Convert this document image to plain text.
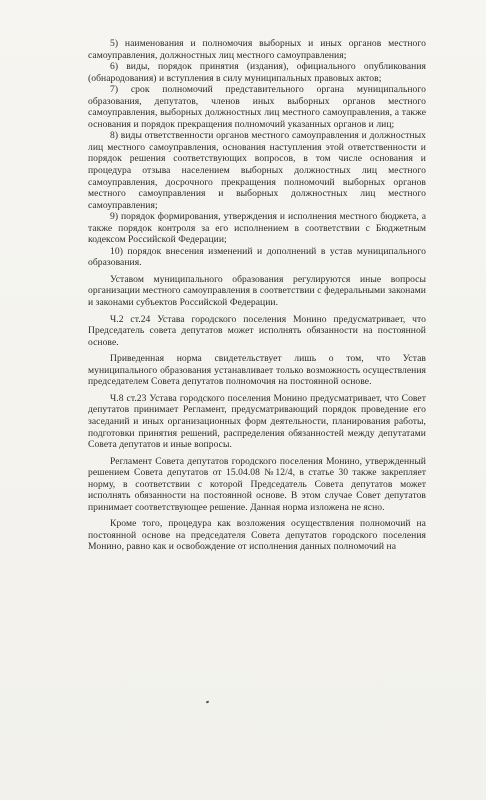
5) наименования и полномочия выборных и иных органов местного самоуправления, должностных лиц местного самоуправления;

6) виды, порядок принятия (издания), официального опубликования (обнародования) и вступления в силу муниципальных правовых актов;

7) срок полномочий представительного органа муниципального образования, депутатов, членов иных выборных органов местного самоуправления, выборных должностных лиц местного самоуправления, а также основания и порядок прекращения полномочий указанных органов и лиц;

8) виды ответственности органов местного самоуправления и должностных лиц местного самоуправления, основания наступления этой ответственности и порядок решения соответствующих вопросов, в том числе основания и процедура отзыва населением выборных должностных лиц местного самоуправления, досрочного прекращения полномочий выборных органов местного самоуправления и выборных должностных лиц местного самоуправления;

9) порядок формирования, утверждения и исполнения местного бюджета, а также порядок контроля за его исполнением в соответствии с Бюджетным кодексом Российской Федерации;

10) порядок внесения изменений и дополнений в устав муниципального образования.

Уставом муниципального образования регулируются иные вопросы организации местного самоуправления в соответствии с федеральными законами и законами субъектов Российской Федерации.

Ч.2 ст.24 Устава городского поселения Монино предусматривает, что Председатель совета депутатов может исполнять обязанности на постоянной основе.

Приведенная норма свидетельствует лишь о том, что Устав муниципального образования устанавливает только возможность осуществления председателем Совета депутатов полномочия на постоянной основе.

Ч.8 ст.23 Устава городского поселения Монино предусматривает, что Совет депутатов принимает Регламент, предусматривающий порядок проведение его заседаний и иных организационных форм деятельности, планирования работы, подготовки принятия решений, распределения обязанностей между депутатами Совета депутатов и иные вопросы.

Регламент Совета депутатов городского поселения Монино, утвержденный решением Совета депутатов от 15.04.08 №12/4, в статье 30 также закрепляет норму, в соответствии с которой Председатель Совета депутатов может исполнять обязанности на постоянной основе. В этом случае Совет депутатов принимает соответствующее решение. Данная норма изложена не ясно.

Кроме того, процедура как возложения осуществления полномочий на постоянной основе на председателя Совета депутатов городского поселения Монино, равно как и освобождение от исполнения данных полномочий на
